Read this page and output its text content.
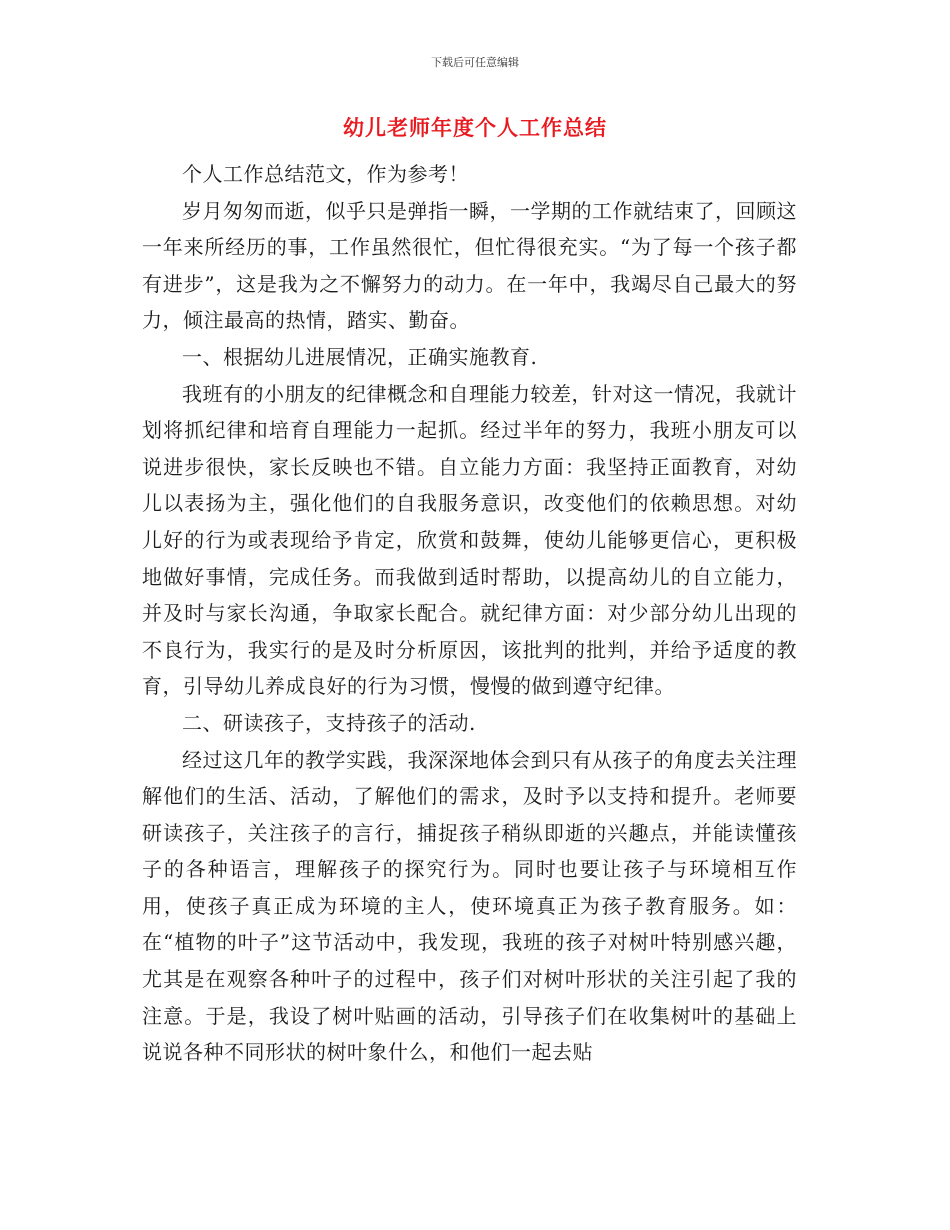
下载后可任意编辑
幼儿老师年度个人工作总结

个人工作总结范文，作为参考！

岁月匆匆而逝，似乎只是弹指一瞬，一学期的工作就结束了，回顾这一年来所经历的事，工作虽然很忙，但忙得很充实。“为了每一个孩子都有进步”，这是我为之不懈努力的动力。在一年中，我竭尽自己最大的努力，倾注最高的热情，踏实、勤奋。

一、根据幼儿进展情况，正确实施教育.

我班有的小朋友的纪律概念和自理能力较差，针对这一情况，我就计划将抓纪律和培育自理能力一起抓。经过半年的努力，我班小朋友可以说进步很快，家长反映也不错。自立能力方面：我坚持正面教育，对幼儿以表扬为主，强化他们的自我服务意识，改变他们的依赖思想。对幼儿好的行为或表现给予肯定，欣赏和鼓舞，使幼儿能够更信心，更积极地做好事情，完成任务。而我做到适时帮助，以提高幼儿的自立能力，并及时与家长沟通，争取家长配合。就纪律方面：对少部分幼儿出现的不良行为，我实行的是及时分析原因，该批判的批判，并给予适度的教育，引导幼儿养成良好的行为习惯，慢慢的做到遵守纪律。

二、研读孩子，支持孩子的活动.

经过这几年的教学实践，我深深地体会到只有从孩子的角度去关注理解他们的生活、活动，了解他们的需求，及时予以支持和提升。老师要研读孩子，关注孩子的言行，捕捉孩子稍纵即逝的兴趣点，并能读懂孩子的各种语言，理解孩子的探究行为。同时也要让孩子与环境相互作用，使孩子真正成为环境的主人，使环境真正为孩子教育服务。如：在“植物的叶子”这节活动中，我发现，我班的孩子对树叶特别感兴趣，尤其是在观察各种叶子的过程中，孩子们对树叶形状的关注引起了我的注意。于是，我设了树叶贴画的活动，引导孩子们在收集树叶的基础上说说各种不同形状的树叶象什么，和他们一起去贴
